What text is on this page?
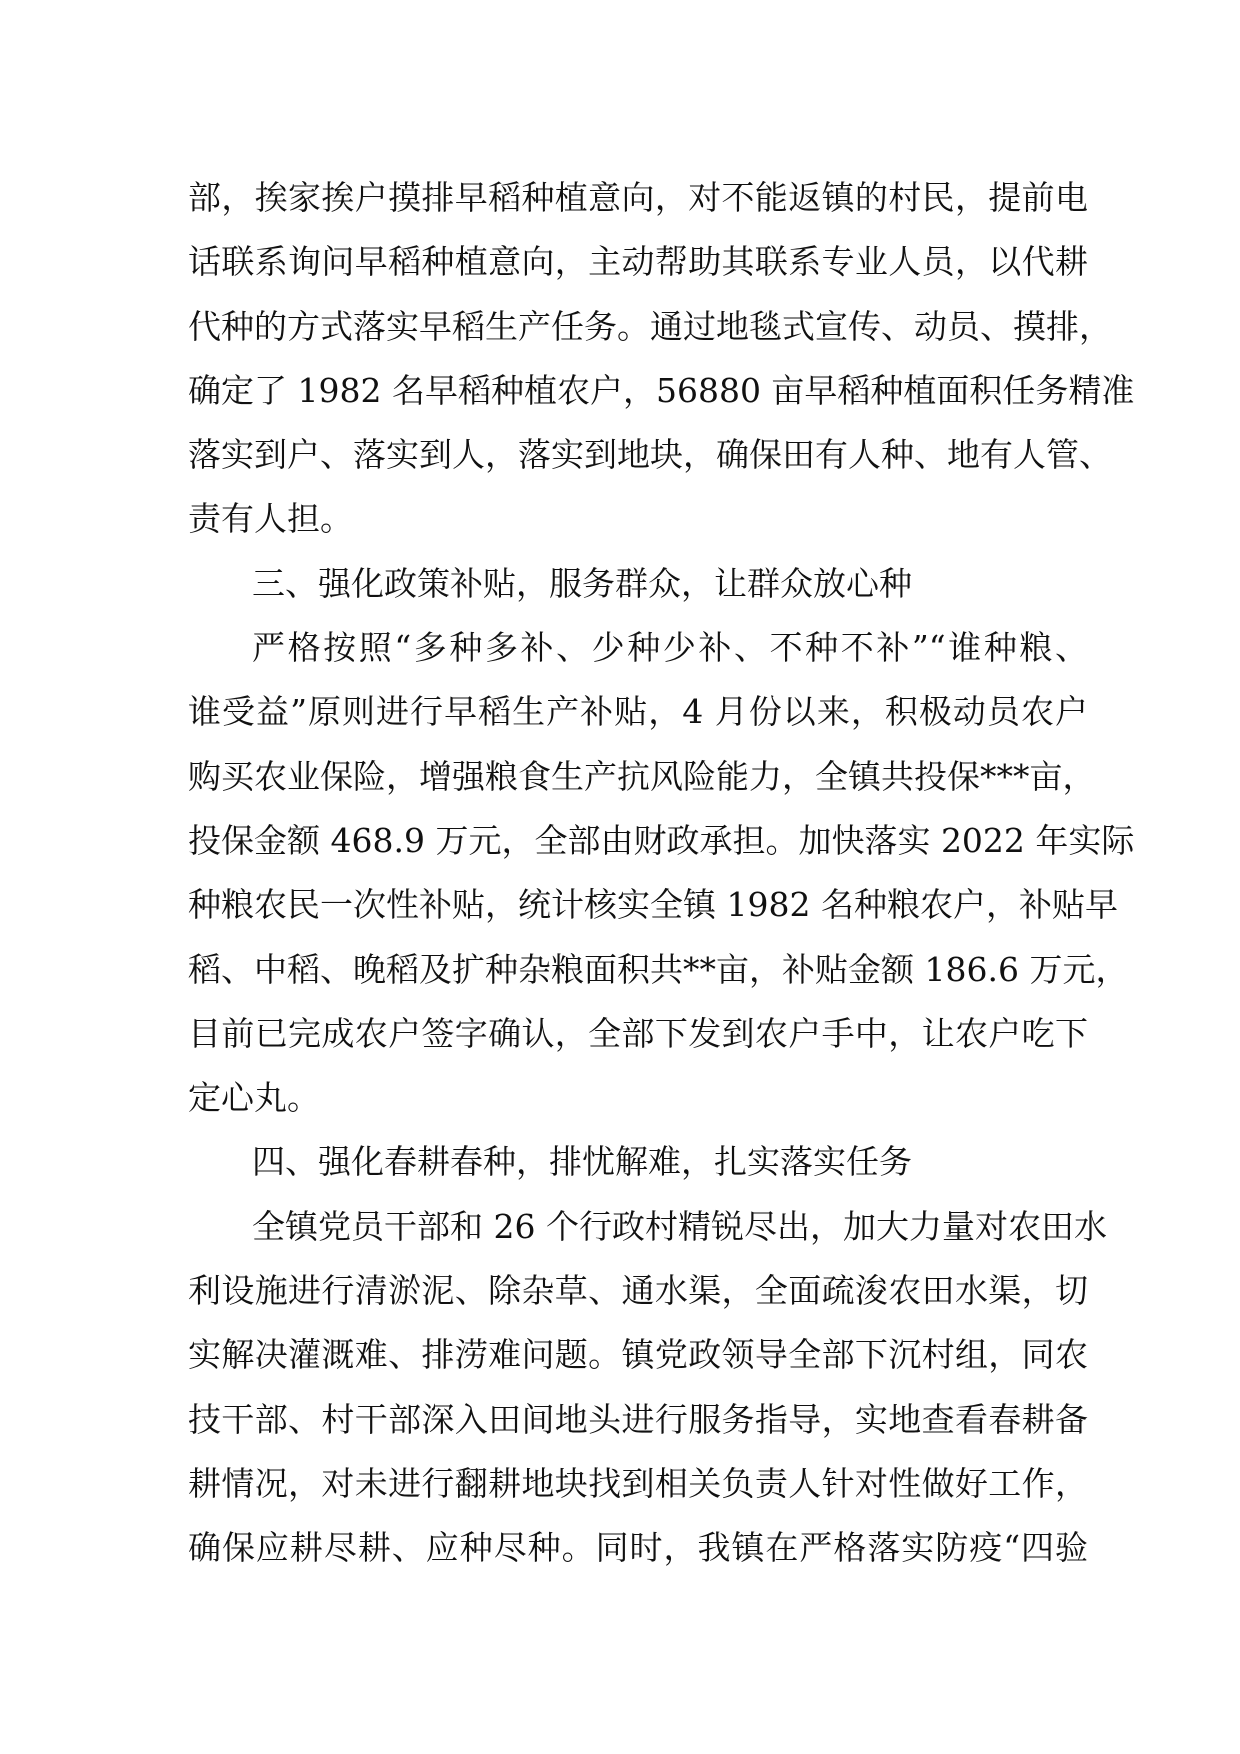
部，挨家挨户摸排早稻种植意向，对不能返镇的村民，提前电
话联系询问早稻种植意向，主动帮助其联系专业人员，以代耕
代种的方式落实早稻生产任务。通过地毯式宣传、动员、摸排，
确定了 1982 名早稻种植农户，56880 亩早稻种植面积任务精准
落实到户、落实到人，落实到地块，确保田有人种、地有人管、
责有人担。
三、强化政策补贴，服务群众，让群众放心种
严格按照“多种多补、少种少补、不种不补”“谁种粮、
谁受益”原则进行早稻生产补贴，4 月份以来，积极动员农户
购买农业保险，增强粮食生产抗风险能力，全镇共投保***亩，
投保金额 468.9 万元，全部由财政承担。加快落实 2022 年实际
种粮农民一次性补贴，统计核实全镇 1982 名种粮农户，补贴早
稻、中稻、晚稻及扩种杂粮面积共**亩，补贴金额 186.6 万元，
目前已完成农户签字确认，全部下发到农户手中，让农户吃下
定心丸。
四、强化春耕春种，排忧解难，扎实落实任务
全镇党员干部和 26 个行政村精锐尽出，加大力量对农田水
利设施进行清淤泥、除杂草、通水渠，全面疏浚农田水渠，切
实解决灌溉难、排涝难问题。镇党政领导全部下沉村组，同农
技干部、村干部深入田间地头进行服务指导，实地查看春耕备
耕情况，对未进行翻耕地块找到相关负责人针对性做好工作，
确保应耕尽耕、应种尽种。同时，我镇在严格落实防疫“四验
